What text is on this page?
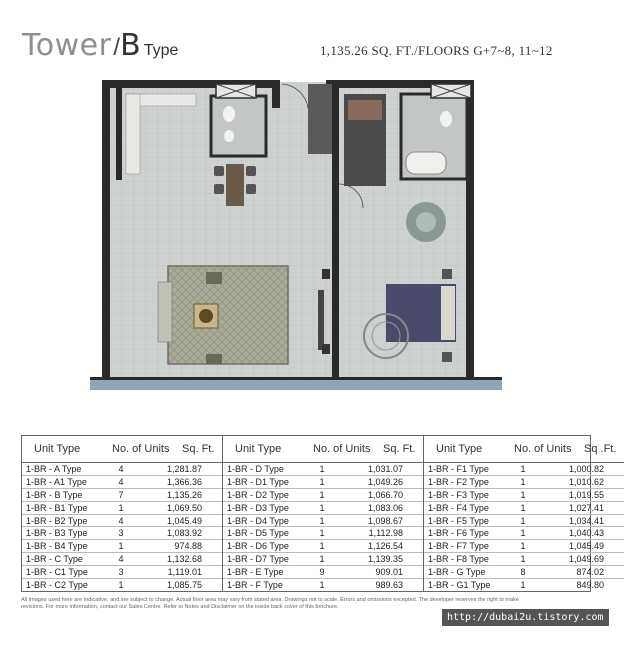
Tower/B Type	1,135.26 SQ. FT./FLOORS G+7~8, 11~12
Unit Type	No. of Units	Sq. Ft.
1-BR - A Type	4	1,281.87
1-BR - A1 Type	4	1,366.36
1-BR - B Type	7	1,135.26
1-BR - B1 Type	1	1,069.50
1-BR - B2 Type	4	1,045.49
1-BR - B3 Type	3	1,083.92
1-BR - B4 Type	1	974.88
1-BR - C Type	4	1,132.68
1-BR - C1 Type	3	1,119.01
1-BR - C2 Type	1	1,085.75
Unit Type	No. of Units	Sq. Ft.
1-BR - D Type	1	1,031.07
1-BR - D1 Type	1	1,049.26
1-BR - D2 Type	1	1,066.70
1-BR - D3 Type	1	1,083.06
1-BR - D4 Type	1	1,098.67
1-BR - D5 Type	1	1,112.98
1-BR - D6 Type	1	1,126.54
1-BR - D7 Type	1	1,139.35
1-BR - E Type	9	909.01
1-BR - F Type	1	989.63
Unit Type	No. of Units	Sq .Ft.
1-BR - F1 Type	1	1,000.82
1-BR - F2 Type	1	1,010.62
1-BR - F3 Type	1	1,019.55
1-BR - F4 Type	1	1,027.41
1-BR - F5 Type	1	1,034.41
1-BR - F6 Type	1	1,040.43
1-BR - F7 Type	1	1,045.49
1-BR - F8 Type	1	1,049.69
1-BR - G Type	8	874.02
1-BR - G1 Type	1	849.80
All Images used here are Indicative, and are subject to change. Actual floor area may vary from stated area. Drawings not to scale. Errors and omissions excepted. The developer reserves the right to make revisions. For more information, contact our Sales Centre. Refer to Notes and Disclaimer on the inside back cover of this brochure.
http://dubai2u.tistory.com
